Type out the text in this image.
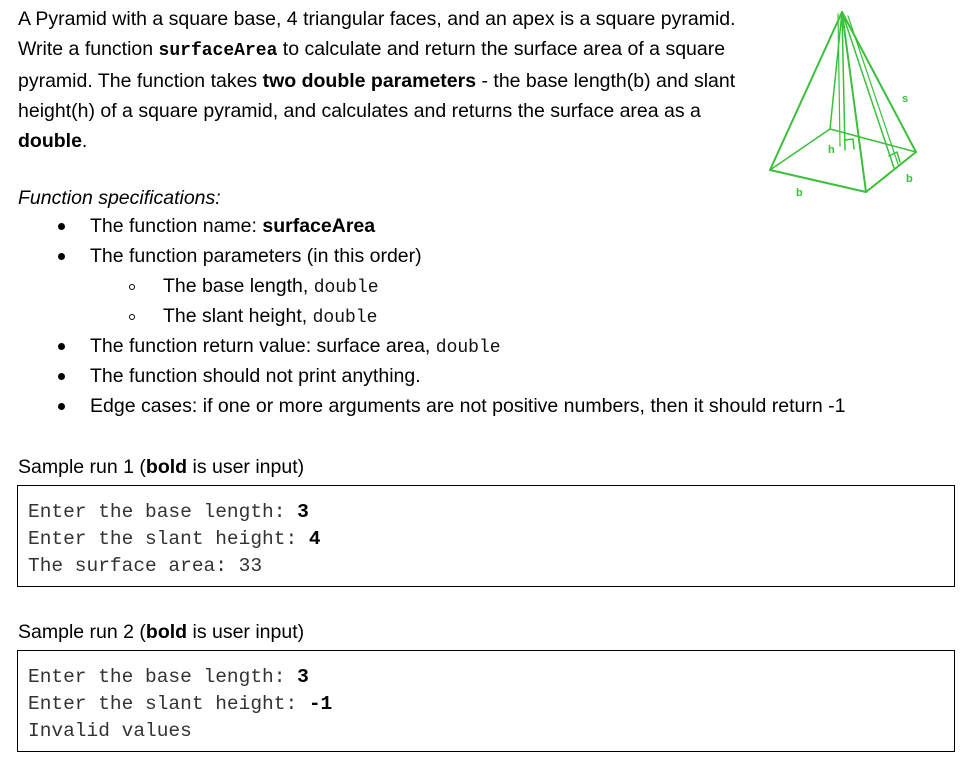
A Pyramid with a square base, 4 triangular faces, and an apex is a square pyramid. Write a function surfaceArea to calculate and return the surface area of a square pyramid. The function takes two double parameters - the base length(b) and slant height(h) of a square pyramid, and calculates and returns the surface area as a double.
s
h
b
b
Function specifications:
The function name: surfaceArea
The function parameters (in this order)
The base length, double
The slant height, double
The function return value: surface area, double
The function should not print anything.
Edge cases: if one or more arguments are not positive numbers, then it should return -1
Sample run 1 (bold is user input)
Enter the base length: 3
Enter the slant height: 4
The surface area: 33
Sample run 2 (bold is user input)
Enter the base length: 3
Enter the slant height: -1
Invalid values
